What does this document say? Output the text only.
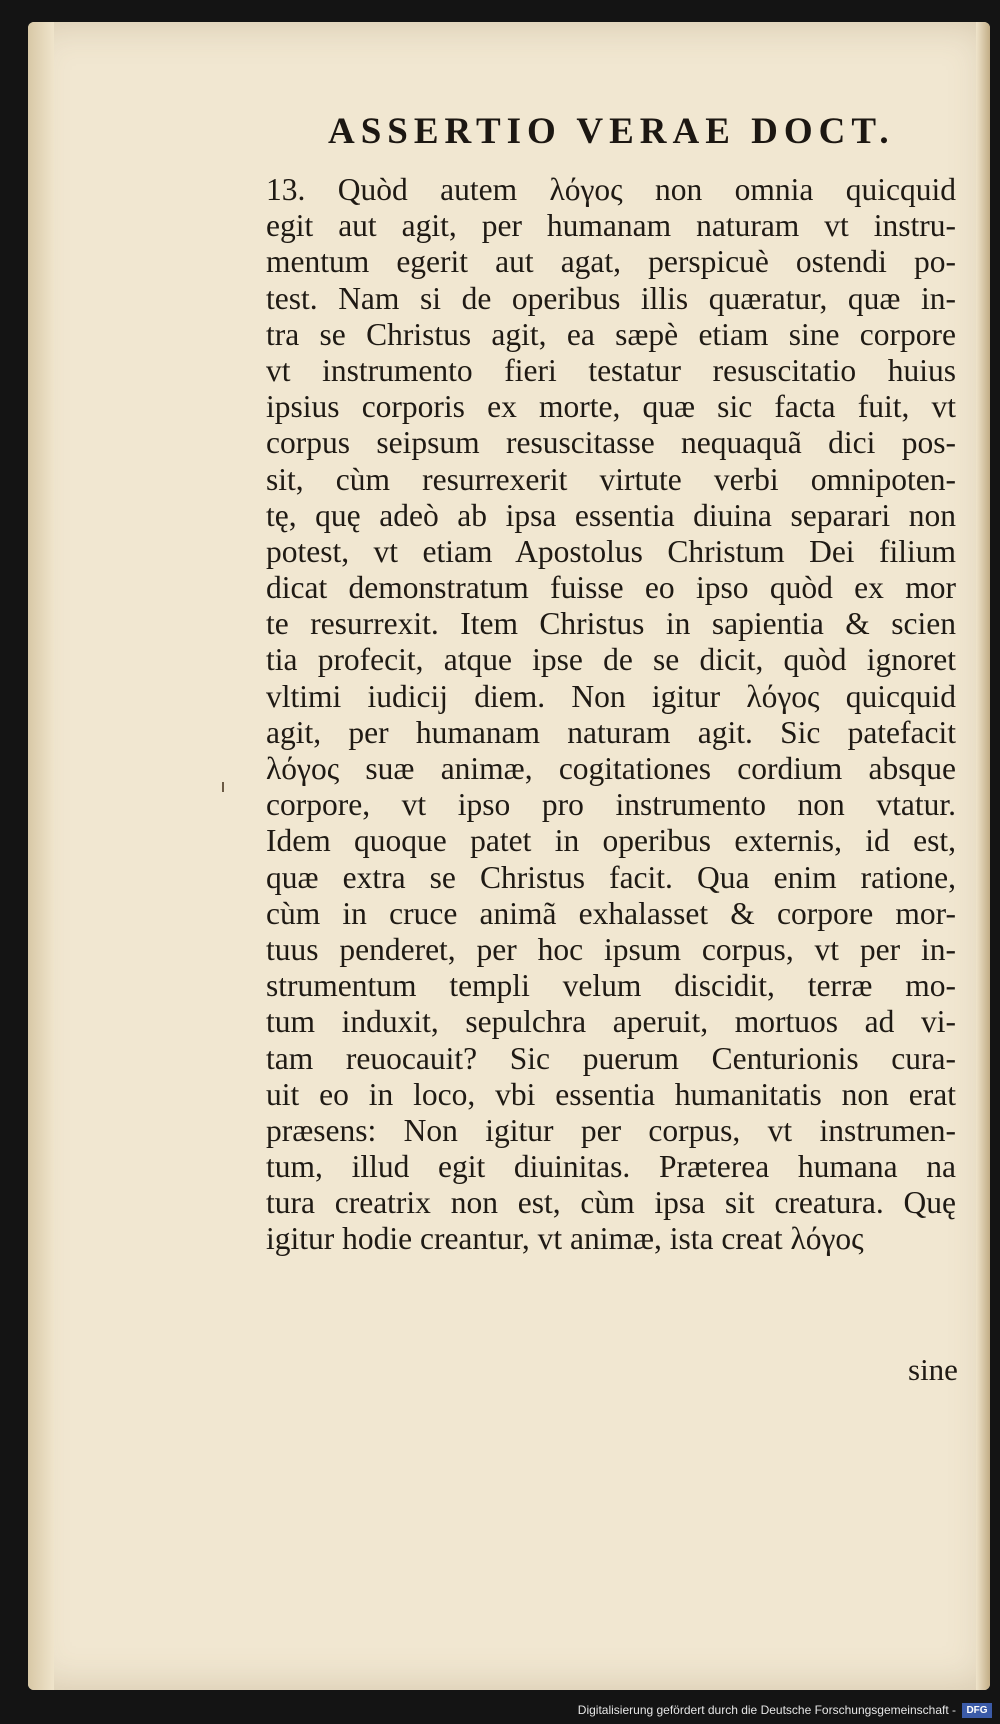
ASSERTIO VERAE DOCT.
13. Quòd autem λόγος non omnia quicquid
egit aut agit, per humanam naturam vt instru-
mentum egerit aut agat, perspicuè ostendi po-
test. Nam si de operibus illis quæratur, quæ in-
tra se Christus agit, ea sæpè etiam sine corpore
vt instrumento fieri testatur resuscitatio huius
ipsius corporis ex morte, quæ sic facta fuit, vt
corpus seipsum resuscitasse nequaquã dici pos-
sit, cùm resurrexerit virtute verbi omnipoten-
tę, quę adeò ab ipsa essentia diuina separari non
potest, vt etiam Apostolus Christum Dei filium
dicat demonstratum fuisse eo ipso quòd ex mor
te resurrexit. Item Christus in sapientia & scien
tia profecit, atque ipse de se dicit, quòd ignoret
vltimi iudicij diem. Non igitur λόγος quicquid
agit, per humanam naturam agit. Sic patefacit
λόγος suæ animæ, cogitationes cordium absque
corpore, vt ipso pro instrumento non vtatur.
Idem quoque patet in operibus externis, id est,
quæ extra se Christus facit. Qua enim ratione,
cùm in cruce animã exhalasset & corpore mor-
tuus penderet, per hoc ipsum corpus, vt per in-
strumentum templi velum discidit, terræ mo-
tum induxit, sepulchra aperuit, mortuos ad vi-
tam reuocauit? Sic puerum Centurionis cura-
uit eo in loco, vbi essentia humanitatis non erat
præsens: Non igitur per corpus, vt instrumen-
tum, illud egit diuinitas. Præterea humana na
tura creatrix non est, cùm ipsa sit creatura. Quę
igitur hodie creantur, vt animæ, ista creat λόγος
sine
Digitalisierung gefördert durch die Deutsche Forschungsgemeinschaft -	DFG
